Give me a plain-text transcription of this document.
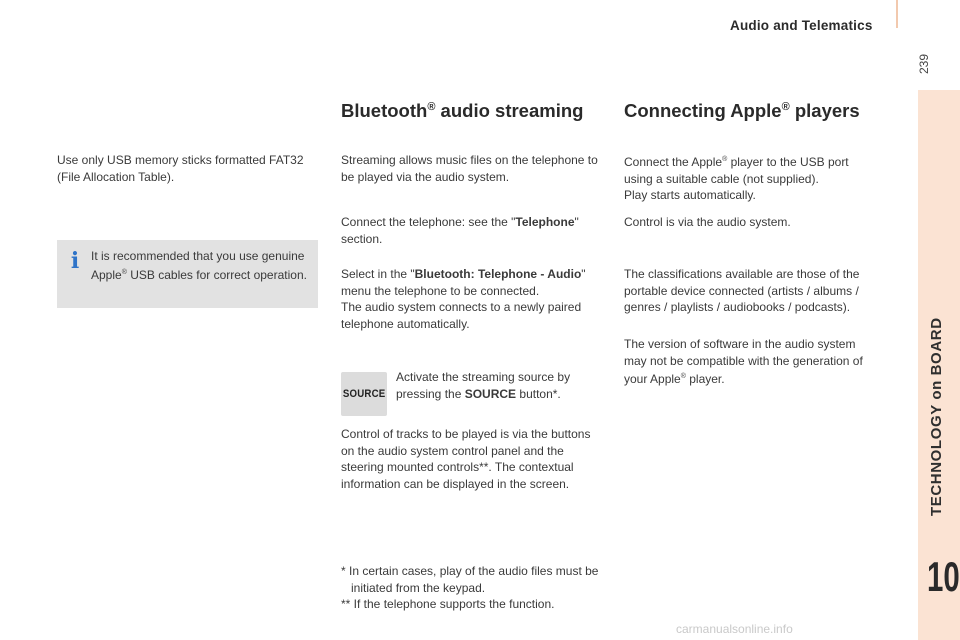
Audio and Telematics
239
TECHNOLOGY on BOARD
10

Use only USB memory sticks formatted FAT32 (File Allocation Table).

i It is recommended that you use genuine Apple® USB cables for correct operation.

Bluetooth® audio streaming

Streaming allows music files on the telephone to be played via the audio system.

Connect the telephone: see the "Telephone" section.

Select in the "Bluetooth: Telephone - Audio" menu the telephone to be connected.
The audio system connects to a newly paired telephone automatically.

SOURCE

Activate the streaming source by pressing the SOURCE button*.

Control of tracks to be played is via the buttons on the audio system control panel and the steering mounted controls**. The contextual information can be displayed in the screen.

* In certain cases, play of the audio files must be initiated from the keypad.

** If the telephone supports the function.

Connecting Apple® players

Connect the Apple® player to the USB port using a suitable cable (not supplied).
Play starts automatically.

Control is via the audio system.

The classifications available are those of the portable device connected (artists / albums / genres / playlists / audiobooks / podcasts).

The version of software in the audio system may not be compatible with the generation of your Apple® player.

carmanualsonline.info
